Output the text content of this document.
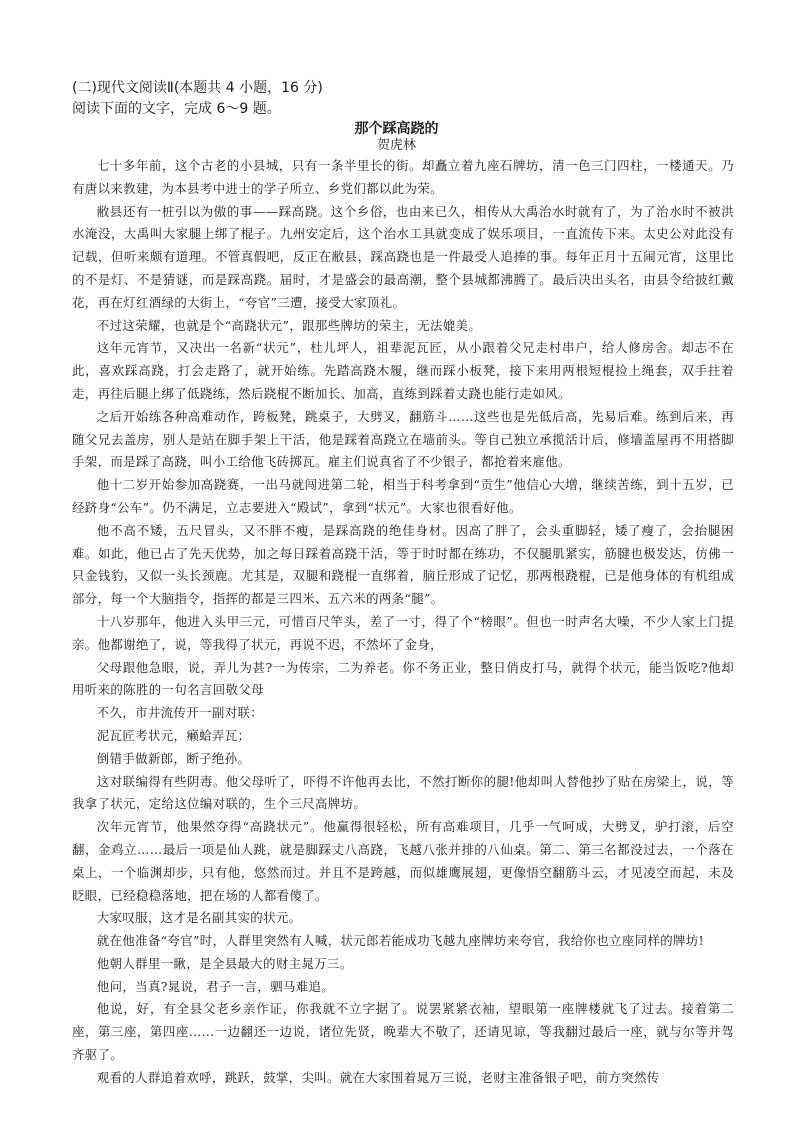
(二)现代文阅读Ⅱ(本题共 4 小题，16 分)
阅读下面的文字，完成 6～9 题。
那个踩高跷的
贺虎林

七十多年前，这个古老的小县城，只有一条半里长的街。却矗立着九座石牌坊，清一色三门四柱，一楼通天。乃有唐以来教建，为本县考中进士的学子所立、乡党们都以此为荣。

敝县还有一桩引以为傲的事——踩高跷。这个乡俗，也由来已久，相传从大禹治水时就有了，为了治水时不被洪水淹没，大禹叫大家腿上绑了棍子。九州安定后，这个治水工具就变成了娱乐项目，一直流传下来。太史公对此没有记载，但听来颇有道理。不管真假吧，反正在敝县，踩高跷也是一件最受人追捧的事。每年正月十五闹元宵，这里比的不是灯、不是猜谜，而是踩高跷。届时，才是盛会的最高潮，整个县城都沸腾了。最后决出头名，由县令给披红戴花，再在灯红酒绿的大街上，“夸官”三遭，接受大家顶礼。

不过这荣耀，也就是个“高跷状元”，跟那些牌坊的荣主，无法媲美。

这年元宵节，又决出一名新“状元”，杜儿坪人，祖辈泥瓦匠，从小跟着父兄走村串户，给人修房舍。却志不在此，喜欢踩高跷，打会走路了，就开始练。先踏高跷木履，继而踩小板凳，接下来用两根短棍捡上绳套，双手拄着走，再往后腿上绑了低跷练，然后跷棍不断加长、加高，直练到踩着丈跷也能行走如风。

之后开始练各种高难动作，跨板凳，跳桌子，大劈叉，翻筋斗……这些也是先低后高，先易后难。练到后来，再随父兄去盖房，别人是站在脚手架上干活，他是踩着高跷立在墙前头。等自己独立承揽活计后，修墙盖屋再不用搭脚手架，而是踩了高跷，叫小工给他飞砖掷瓦。雇主们说真省了不少银子，都抢着来雇他。

他十二岁开始参加高跷赛，一出马就闯进第二轮，相当于科考拿到“贡生”他信心大增，继续苦练，到十五岁，已经跻身“公车”。仍不满足，立志要进入“殿试”，拿到“状元”。大家也很看好他。

他不高不矮，五尺冒头，又不胖不瘦，是踩高跷的绝佳身材。因高了胖了，会头重脚轻，矮了瘦了，会抬腿困难。如此，他已占了先天优势，加之每日踩着高跷干活，等于时时都在练功，不仅腿肌紧实，筋腱也极发达，仿佛一只金钱豹，又似一头长颈鹿。尤其是，双腿和跷棍一直绑着，脑丘形成了记忆，那两根跷棍，已是他身体的有机组成部分，每一个大脑指令，指挥的都是三四米、五六米的两条“腿”。

十八岁那年，他进入头甲三元，可惜百尺竿头，差了一寸，得了个“榜眼”。但也一时声名大噪，不少人家上门提亲。他都谢绝了，说，等我得了状元，再说不迟，不然坏了金身，

父母跟他急眼，说，弄儿为甚?一为传宗，二为养老。你不务正业，整日俏皮打马，就得个状元，能当饭吃?他却用听来的陈胜的一句名言回敬父母

不久，市井流传开一副对联：

泥瓦匠考状元，癞蛤弄瓦；

倒错手做新郎，断子绝孙。

这对联编得有些阴毒。他父母听了，吓得不许他再去比，不然打断你的腿!他却叫人替他抄了贴在房梁上，说，等我拿了状元，定给这位编对联的，生个三尺高牌坊。

次年元宵节，他果然夺得“高跷状元”。他赢得很轻松，所有高难项目，几乎一气呵成，大劈叉，驴打滚，后空翻，金鸡立……最后一项是仙人跳，就是脚踩丈八高跷，飞越八张并排的八仙桌。第二、第三名都没过去，一个落在桌上，一个临渊却步，只有他，悠然而过。并且不是跨越，而似雄鹰展翅，更像悟空翻筋斗云，才见凌空而起，未及眨眼，已经稳稳落地，把在场的人都看傻了。

大家叹服，这才是名副其实的状元。

就在他准备“夸官”时，人群里突然有人喊，状元郎若能成功飞越九座牌坊来夸官，我给你也立座同样的牌坊!

他朝人群里一瞅，是全县最大的财主晁万三。

他问，当真?晁说，君子一言，驷马难追。

他说，好，有全县父老乡亲作证，你我就不立字据了。说罢紧紧衣袖，望眼第一座牌楼就飞了过去。接着第二座，第三座，第四座……一边翻还一边说，诸位先贤，晚辈大不敬了，还请见谅，等我翻过最后一座，就与尔等并驾齐驱了。

观看的人群追着欢呼，跳跃，鼓掌，尖叫。就在大家围着晁万三说，老财主准备银子吧，前方突然传
